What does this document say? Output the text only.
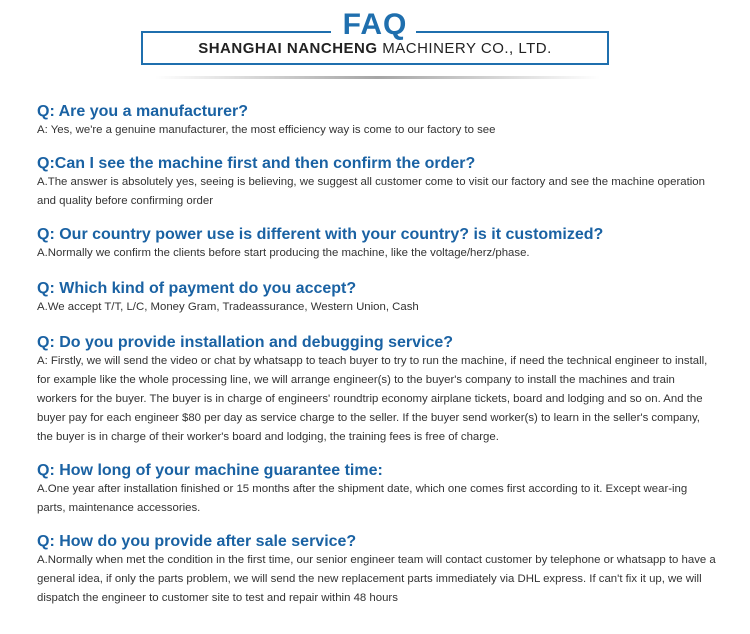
FAQ
SHANGHAI NANCHENG MACHINERY CO., LTD.

Q: Are you a manufacturer?

A: Yes, we're a genuine manufacturer, the most efficiency way is come to our factory to see

Q:Can I see the machine first and then confirm the order?

A.The answer is absolutely yes, seeing is believing, we suggest all customer come to visit our factory and see the machine operation and quality before confirming order

Q: Our country power use is different with your country? is it customized?

A.Normally we confirm the clients before start producing the machine, like the voltage/herz/phase.

Q: Which kind of payment do you accept?

A.We accept T/T, L/C, Money Gram, Tradeassurance, Western Union, Cash

Q: Do you provide installation and debugging service?

A: Firstly, we will send the video or chat by whatsapp to teach buyer to try to run the machine, if need the technical engineer to install, for example like the whole processing line, we will arrange engineer(s) to the buyer's company to install the machines and train workers for the buyer. The buyer is in charge of engineers' roundtrip economy airplane tickets, board and lodging and so on. And the buyer pay for each engineer $80 per day as service charge to the seller. If the buyer send worker(s) to learn in the seller's company, the buyer is in charge of their worker's board and lodging, the training fees is free of charge.

Q: How long of your machine guarantee time:

A.One year after installation finished or 15 months after the shipment date, which one comes first according to it. Except wear-ing parts, maintenance accessories.

Q: How do you provide after sale service?

A.Normally when met the condition in the first time, our senior engineer team will contact customer by telephone or whatsapp to have a general idea, if only the parts problem, we will send the new replacement parts immediately via DHL express. If can't fix it up, we will dispatch the engineer to customer site to test and repair within 48 hours
